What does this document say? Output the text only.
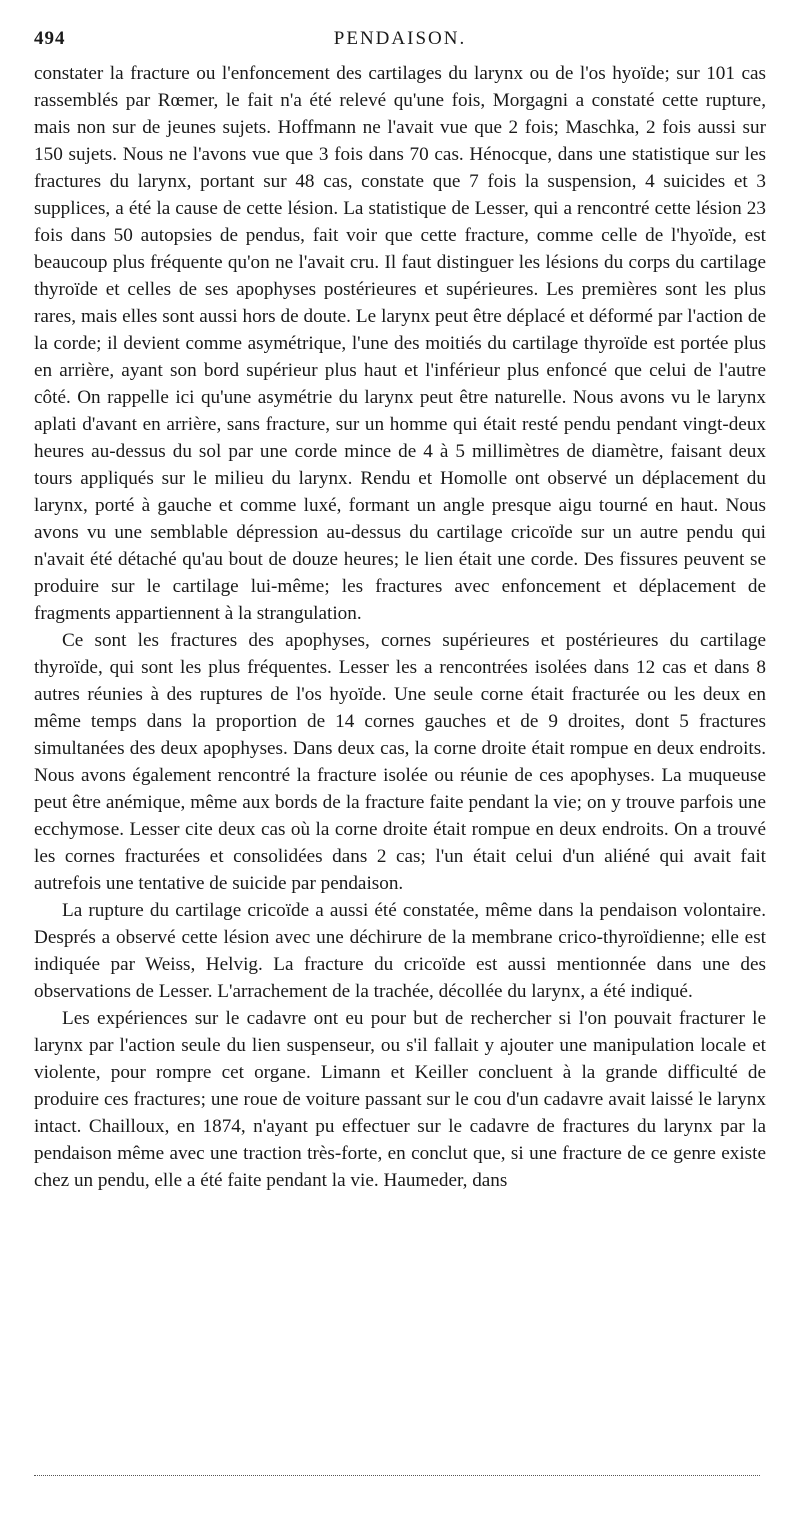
494	PENDAISON.

constater la fracture ou l'enfoncement des cartilages du larynx ou de l'os hyoïde; sur 101 cas rassemblés par Rœmer, le fait n'a été relevé qu'une fois, Morgagni a constaté cette rupture, mais non sur de jeunes sujets. Hoffmann ne l'avait vue que 2 fois; Maschka, 2 fois aussi sur 150 sujets. Nous ne l'avons vue que 3 fois dans 70 cas. Hénocque, dans une statistique sur les fractures du larynx, portant sur 48 cas, constate que 7 fois la suspension, 4 suicides et 3 supplices, a été la cause de cette lésion. La statistique de Lesser, qui a rencontré cette lésion 23 fois dans 50 autopsies de pendus, fait voir que cette fracture, comme celle de l'hyoïde, est beaucoup plus fréquente qu'on ne l'avait cru. Il faut distinguer les lésions du corps du cartilage thyroïde et celles de ses apophyses postérieures et supérieures. Les premières sont les plus rares, mais elles sont aussi hors de doute. Le larynx peut être déplacé et déformé par l'action de la corde; il devient comme asymétrique, l'une des moitiés du cartilage thyroïde est portée plus en arrière, ayant son bord supérieur plus haut et l'inférieur plus enfoncé que celui de l'autre côté. On rappelle ici qu'une asymétrie du larynx peut être naturelle. Nous avons vu le larynx aplati d'avant en arrière, sans fracture, sur un homme qui était resté pendu pendant vingt-deux heures au-dessus du sol par une corde mince de 4 à 5 millimètres de diamètre, faisant deux tours appliqués sur le milieu du larynx. Rendu et Homolle ont observé un déplacement du larynx, porté à gauche et comme luxé, formant un angle presque aigu tourné en haut. Nous avons vu une semblable dépression au-dessus du cartilage cricoïde sur un autre pendu qui n'avait été détaché qu'au bout de douze heures; le lien était une corde. Des fissures peuvent se produire sur le cartilage lui-même; les fractures avec enfoncement et déplacement de fragments appartiennent à la strangulation.

Ce sont les fractures des apophyses, cornes supérieures et postérieures du cartilage thyroïde, qui sont les plus fréquentes. Lesser les a rencontrées isolées dans 12 cas et dans 8 autres réunies à des ruptures de l'os hyoïde. Une seule corne était fracturée ou les deux en même temps dans la proportion de 14 cornes gauches et de 9 droites, dont 5 fractures simultanées des deux apophyses. Dans deux cas, la corne droite était rompue en deux endroits. Nous avons également rencontré la fracture isolée ou réunie de ces apophyses. La muqueuse peut être anémique, même aux bords de la fracture faite pendant la vie; on y trouve parfois une ecchymose. Lesser cite deux cas où la corne droite était rompue en deux endroits. On a trouvé les cornes fracturées et consolidées dans 2 cas; l'un était celui d'un aliéné qui avait fait autrefois une tentative de suicide par pendaison.

La rupture du cartilage cricoïde a aussi été constatée, même dans la pendaison volontaire. Després a observé cette lésion avec une déchirure de la membrane crico-thyroïdienne; elle est indiquée par Weiss, Helvig. La fracture du cricoïde est aussi mentionnée dans une des observations de Lesser. L'arrachement de la trachée, décollée du larynx, a été indiqué.

Les expériences sur le cadavre ont eu pour but de rechercher si l'on pouvait fracturer le larynx par l'action seule du lien suspenseur, ou s'il fallait y ajouter une manipulation locale et violente, pour rompre cet organe. Limann et Keiller concluent à la grande difficulté de produire ces fractures; une roue de voiture passant sur le cou d'un cadavre avait laissé le larynx intact. Chailloux, en 1874, n'ayant pu effectuer sur le cadavre de fractures du larynx par la pendaison même avec une traction très-forte, en conclut que, si une fracture de ce genre existe chez un pendu, elle a été faite pendant la vie. Haumeder, dans
